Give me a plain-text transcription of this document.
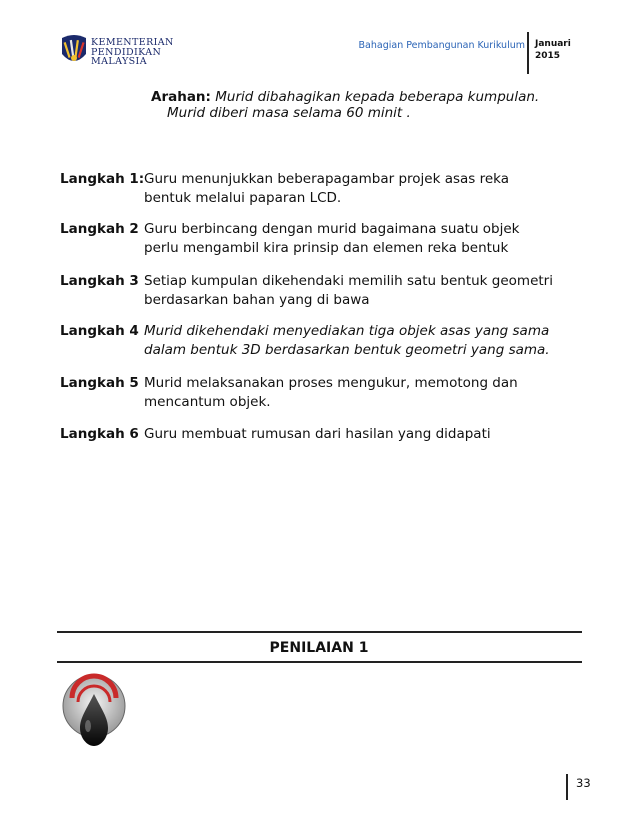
KEMENTERIAN
PENDIDIKAN
MALAYSIA
Bahagian Pembangunan Kurikulum Januari
2015
Arahan: Murid dibahagikan kepada beberapa kumpulan.
Murid diberi masa selama 60 minit .
Langkah 1: Guru menunjukkan beberapagambar projek asas reka
bentuk melalui paparan LCD.
Langkah 2 Guru berbincang dengan murid bagaimana suatu objek
perlu mengambil kira prinsip dan elemen reka bentuk
Langkah 3 Setiap kumpulan dikehendaki memilih satu bentuk geometri
berdasarkan bahan yang di bawa
Langkah 4 Murid dikehendaki menyediakan tiga objek asas yang sama
dalam bentuk 3D berdasarkan bentuk geometri yang sama.
Langkah 5 Murid melaksanakan proses mengukur, memotong dan
mencantum objek.
Langkah 6 Guru membuat rumusan dari hasilan yang didapati
PENILAIAN 1
33
